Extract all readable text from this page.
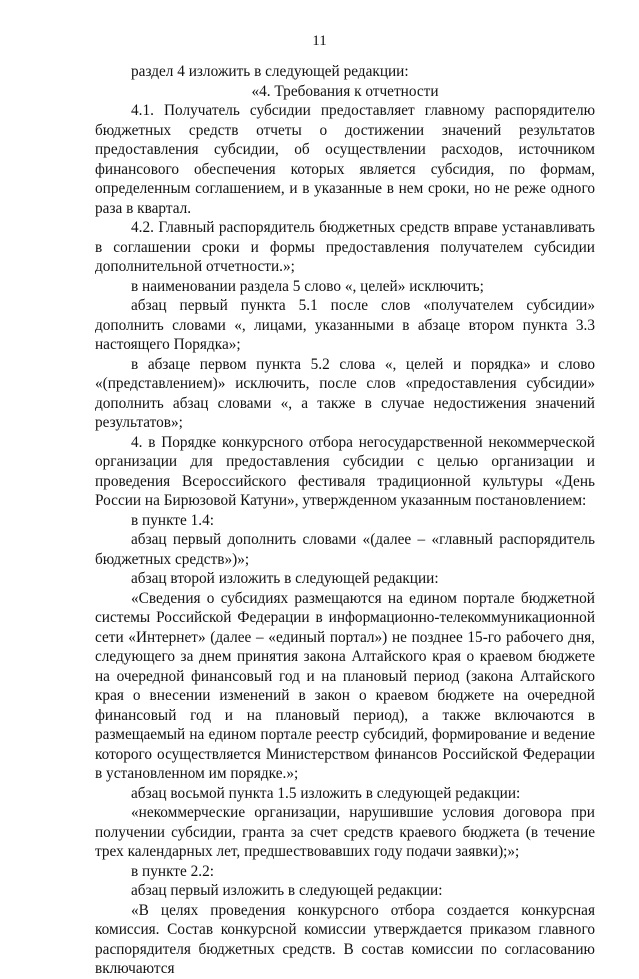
11

раздел 4 изложить в следующей редакции:

«4. Требования к отчетности

4.1. Получатель субсидии предоставляет главному распорядителю бюджетных средств отчеты о достижении значений результатов предоставления субсидии, об осуществлении расходов, источником финансового обеспечения которых является субсидия, по формам, определенным соглашением, и в указанные в нем сроки, но не реже одного раза в квартал.

4.2. Главный распорядитель бюджетных средств вправе устанавливать в соглашении сроки и формы предоставления получателем субсидии дополнительной отчетности.»;

в наименовании раздела 5 слово «, целей» исключить;

абзац первый пункта 5.1 после слов «получателем субсидии» дополнить словами «, лицами, указанными в абзаце втором пункта 3.3 настоящего Порядка»;

в абзаце первом пункта 5.2 слова «, целей и порядка» и слово «(представлением)» исключить, после слов «предоставления субсидии» дополнить абзац словами «, а также в случае недостижения значений результатов»;

4. в Порядке конкурсного отбора негосударственной некоммерческой организации для предоставления субсидии с целью организации и проведения Всероссийского фестиваля традиционной культуры «День России на Бирюзовой Катуни», утвержденном указанным постановлением:

в пункте 1.4:

абзац первый дополнить словами «(далее – «главный распорядитель бюджетных средств»)»;

абзац второй изложить в следующей редакции:

«Сведения о субсидиях размещаются на едином портале бюджетной системы Российской Федерации в информационно-телекоммуникационной сети «Интернет» (далее – «единый портал») не позднее 15-го рабочего дня, следующего за днем принятия закона Алтайского края о краевом бюджете на очередной финансовый год и на плановый период (закона Алтайского края о внесении изменений в закон о краевом бюджете на очередной финансовый год и на плановый период), а также включаются в размещаемый на едином портале реестр субсидий, формирование и ведение которого осуществляется Министерством финансов Российской Федерации в установленном им порядке.»;

абзац восьмой пункта 1.5 изложить в следующей редакции:

«некоммерческие организации, нарушившие условия договора при получении субсидии, гранта за счет средств краевого бюджета (в течение трех календарных лет, предшествовавших году подачи заявки);»;

в пункте 2.2:

абзац первый изложить в следующей редакции:

«В целях проведения конкурсного отбора создается конкурсная комиссия. Состав конкурсной комиссии утверждается приказом главного распорядителя бюджетных средств. В состав комиссии по согласованию включаются
